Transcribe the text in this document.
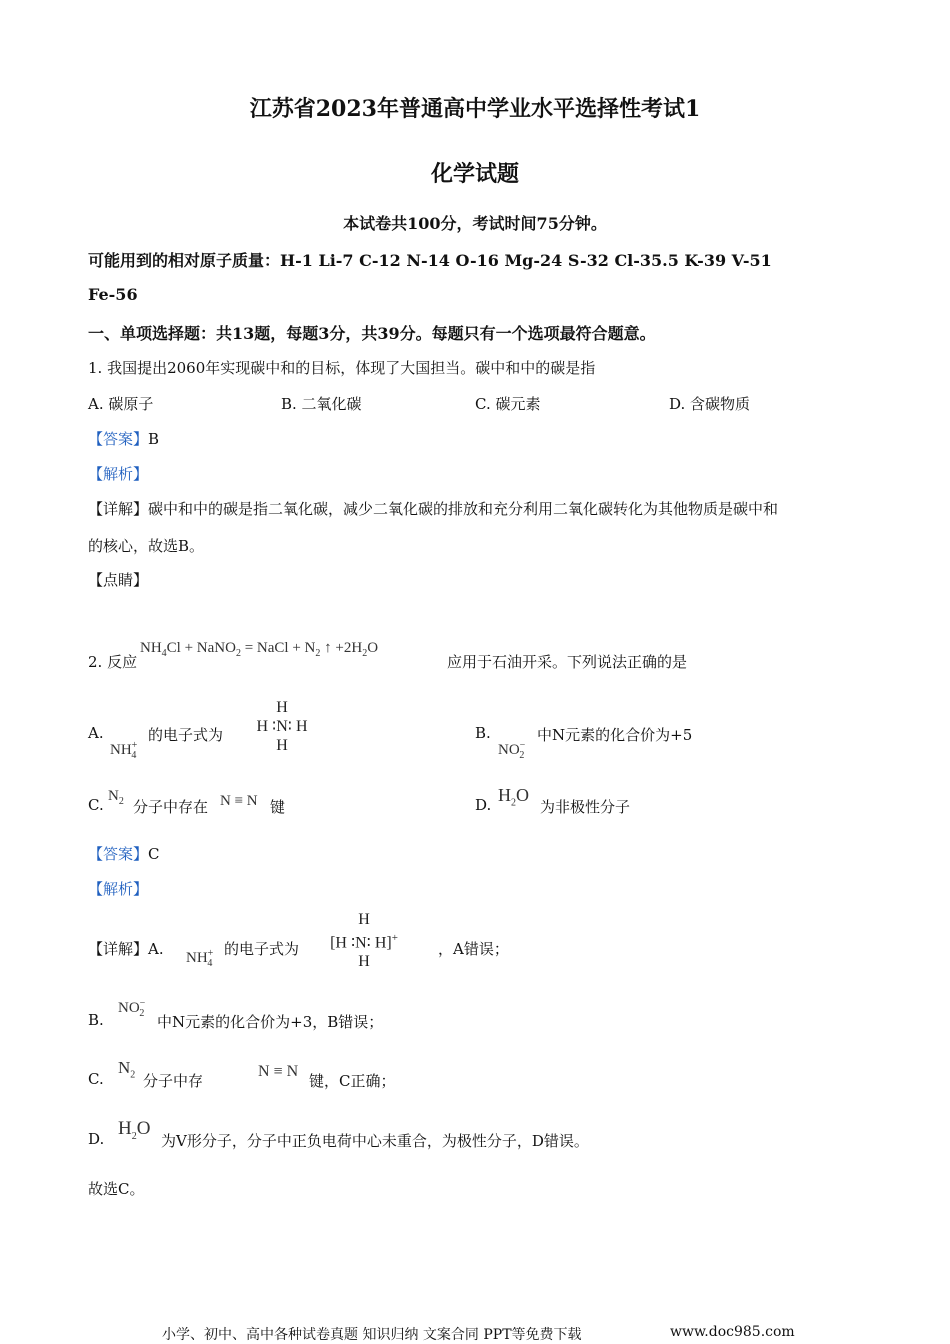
江苏省2023年普通高中学业水平选择性考试1
化学试题
本试卷共100分，考试时间75分钟。
可能用到的相对原子质量：H-1 Li-7 C-12 N-14 O-16 Mg-24 S-32 Cl-35.5 K-39 V-51
Fe-56
一、单项选择题：共13题，每题3分，共39分。每题只有一个选项最符合题意。
1. 我国提出2060年实现碳中和的目标，体现了大国担当。碳中和中的碳是指
A. 碳原子	B. 二氧化碳	C. 碳元素	D. 含碳物质
【答案】B
【解析】
【详解】碳中和中的碳是指二氧化碳，减少二氧化碳的排放和充分利用二氧化碳转化为其他物质是碳中和
的核心，故选B。
【点睛】
2. 反应
$NH_4Cl$ + NaNO$_2$ = NaCl + $N_2$ ↑ $+2H_2O$
应用于石油开采。下列说法正确的是
A.
$NH^+_4$
的电子式为
H
H ∶N∶ H
H
B.
$NO^-_2$
中N元素的化合价为+5
C. $N_2$ 分子中存在 N ≡ N 键	D. $H_2O$
为非极性分子
【答案】C
【解析】
【详解】A. $NH^+_4$
的电子式为
H
[H ∶N∶ H]+
H
，A错误；
B.
$NO^-_2$ 中N元素的化合价为+3，B错误；
C.
$N_2$ 分子中存
N ≡ N
键，C正确；
D. $H_2O$
为V形分子，分子中正负电荷中心未重合，为极性分子，D错误。
故选C。
小学、初中、高中各种试卷真题 知识归纳 文案合同 PPT等免费下载	www.doc985.com
